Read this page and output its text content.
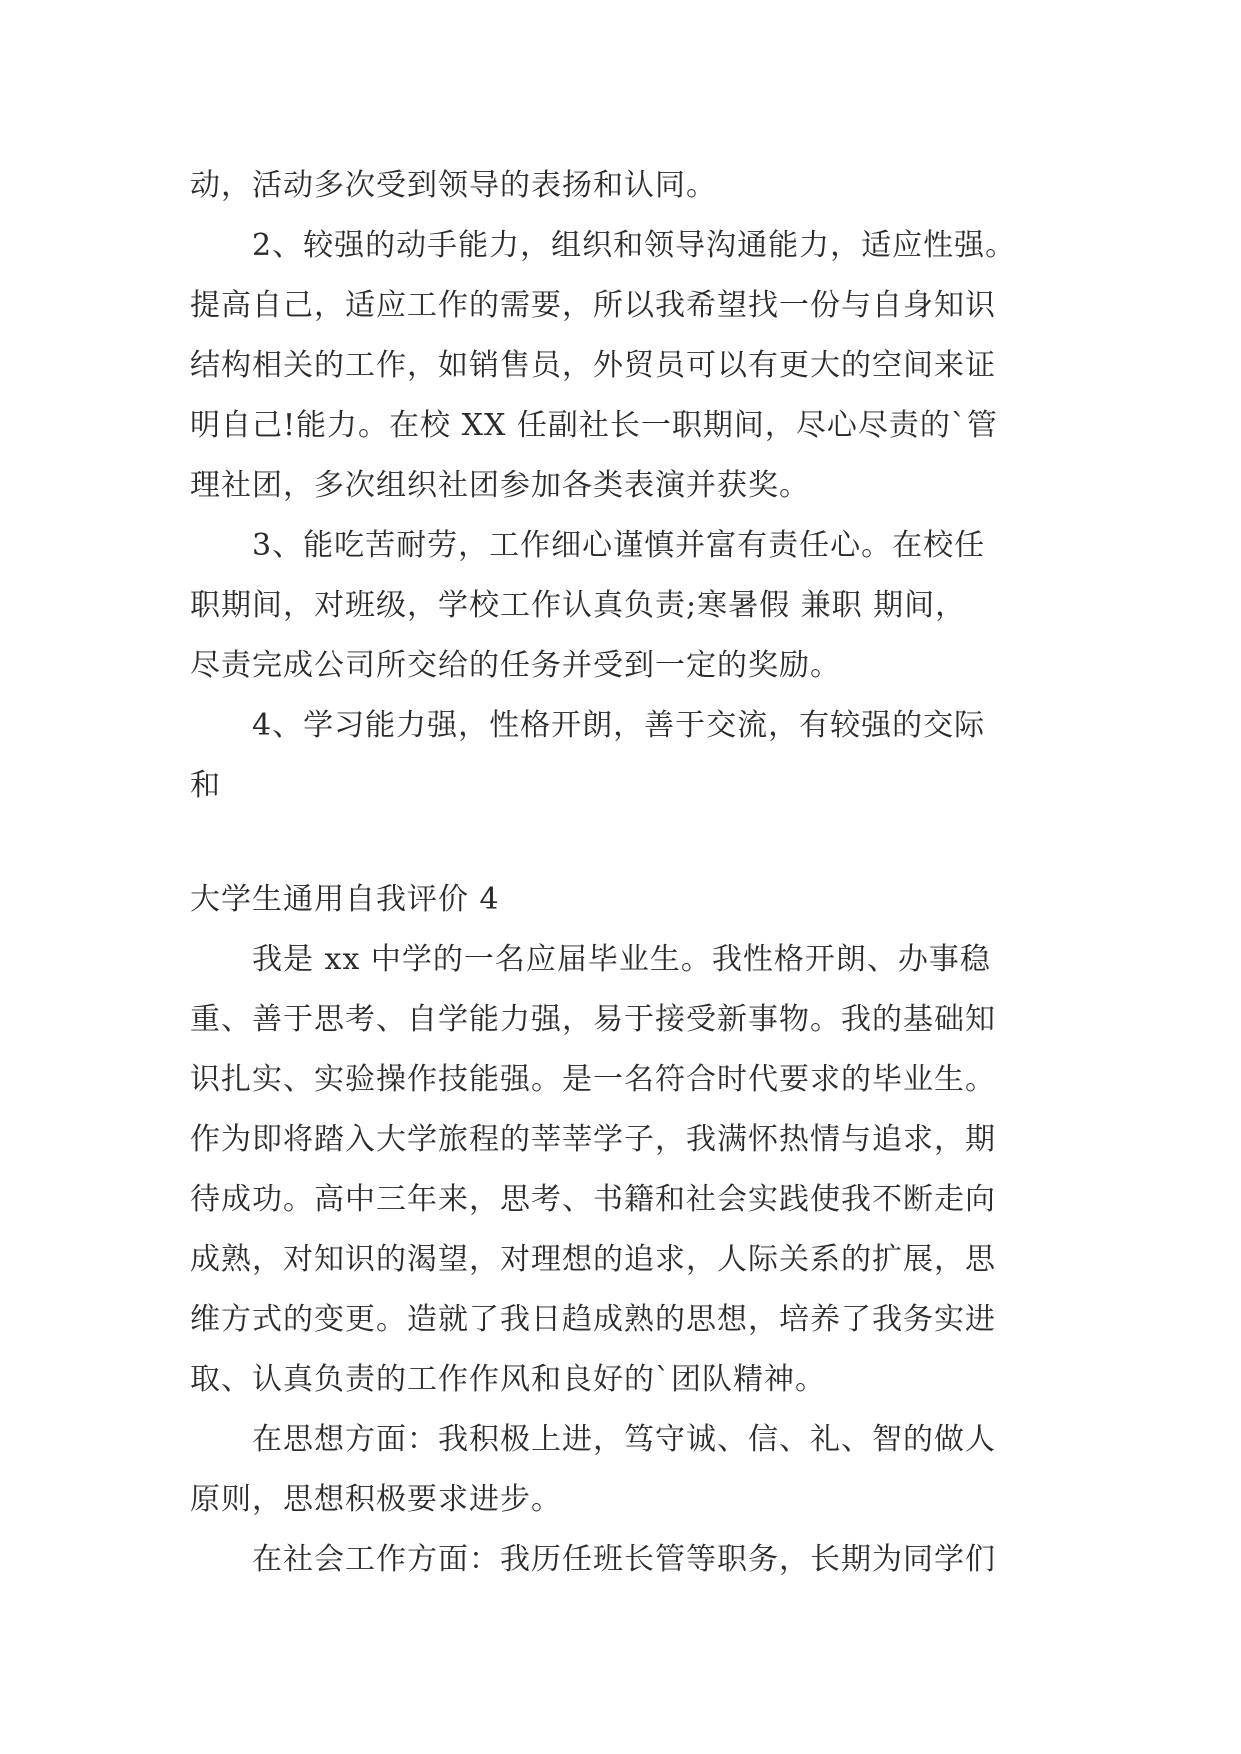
动，活动多次受到领导的表扬和认同。
2、较强的动手能力，组织和领导沟通能力，适应性强。
提高自己，适应工作的需要，所以我希望找一份与自身知识
结构相关的工作，如销售员，外贸员可以有更大的空间来证
明自己!能力。在校 XX 任副社长一职期间，尽心尽责的`管
理社团，多次组织社团参加各类表演并获奖。
3、能吃苦耐劳，工作细心谨慎并富有责任心。在校任
职期间，对班级，学校工作认真负责;寒暑假 兼职 期间，
尽责完成公司所交给的任务并受到一定的奖励。
4、学习能力强，性格开朗，善于交流，有较强的交际
和
大学生通用自我评价 4
我是 xx 中学的一名应届毕业生。我性格开朗、办事稳
重、善于思考、自学能力强，易于接受新事物。我的基础知
识扎实、实验操作技能强。是一名符合时代要求的毕业生。
作为即将踏入大学旅程的莘莘学子，我满怀热情与追求，期
待成功。高中三年来，思考、书籍和社会实践使我不断走向
成熟，对知识的渴望，对理想的追求，人际关系的扩展，思
维方式的变更。造就了我日趋成熟的思想，培养了我务实进
取、认真负责的工作作风和良好的`团队精神。
在思想方面：我积极上进，笃守诚、信、礼、智的做人
原则，思想积极要求进步。
在社会工作方面：我历任班长管等职务，长期为同学们
